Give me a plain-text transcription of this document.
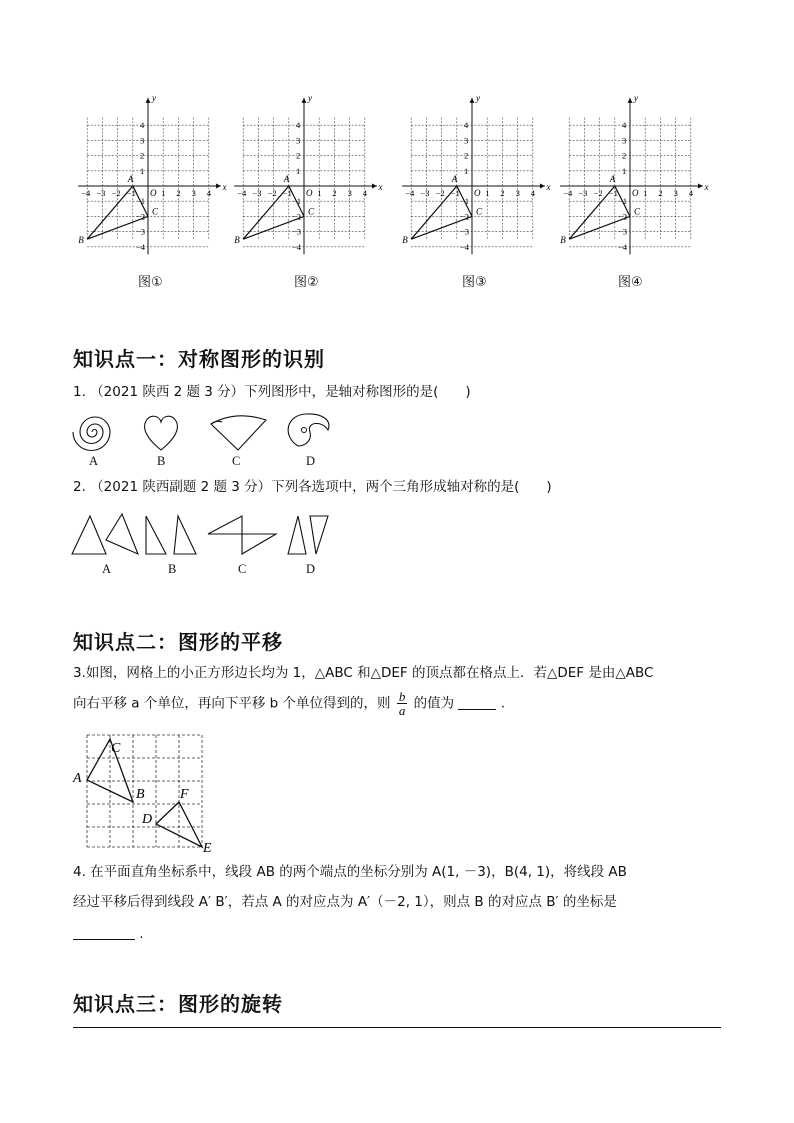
x
y
O
−4 −3 −2 −1	1 2 3 4
4
3
2
1
−1
−2
−3
−4
A
B
C
x
y
O
−4 −3 −2 −1	1 2 3 4
4
3
2
1
−1
−2
−3
−4
A
B
C
x
y
O
−4 −3 −2 −1	1 2 3 4
4
3
2
1
−1
−2
−3
−4
A
B
C
x
y
O
−4 −3 −2 −1	1 2 3 4
4
3
2
1
−1
−2
−3
−4
A
B
C
图①	图②	图③	图④
知识点一：对称图形的识别
1. （2021 陕西 2 题 3 分）下列图形中，是轴对称图形的是(　　)
A	B	C	D
2. （2021 陕西副题 2 题 3 分）下列各选项中，两个三角形成轴对称的是(　　)
A	B	C	D
知识点二：图形的平移
3.如图，网格上的小正方形边长均为 1，△ABC 和△DEF 的顶点都在格点上．若△DEF 是由△ABC
向右平移 a 个单位，再向下平移 b 个单位得到的，则 $\frac{b}{a}$ 的值为	.
A
C
B
D
F
E
4. 在平面直角坐标系中，线段 AB 的两个端点的坐标分别为 A(1, －3)，B(4, 1)，将线段 AB
经过平移后得到线段 A′ B′，若点 A 的对应点为 A′（－2, 1），则点 B 的对应点 B′ 的坐标是
.
知识点三：图形的旋转
